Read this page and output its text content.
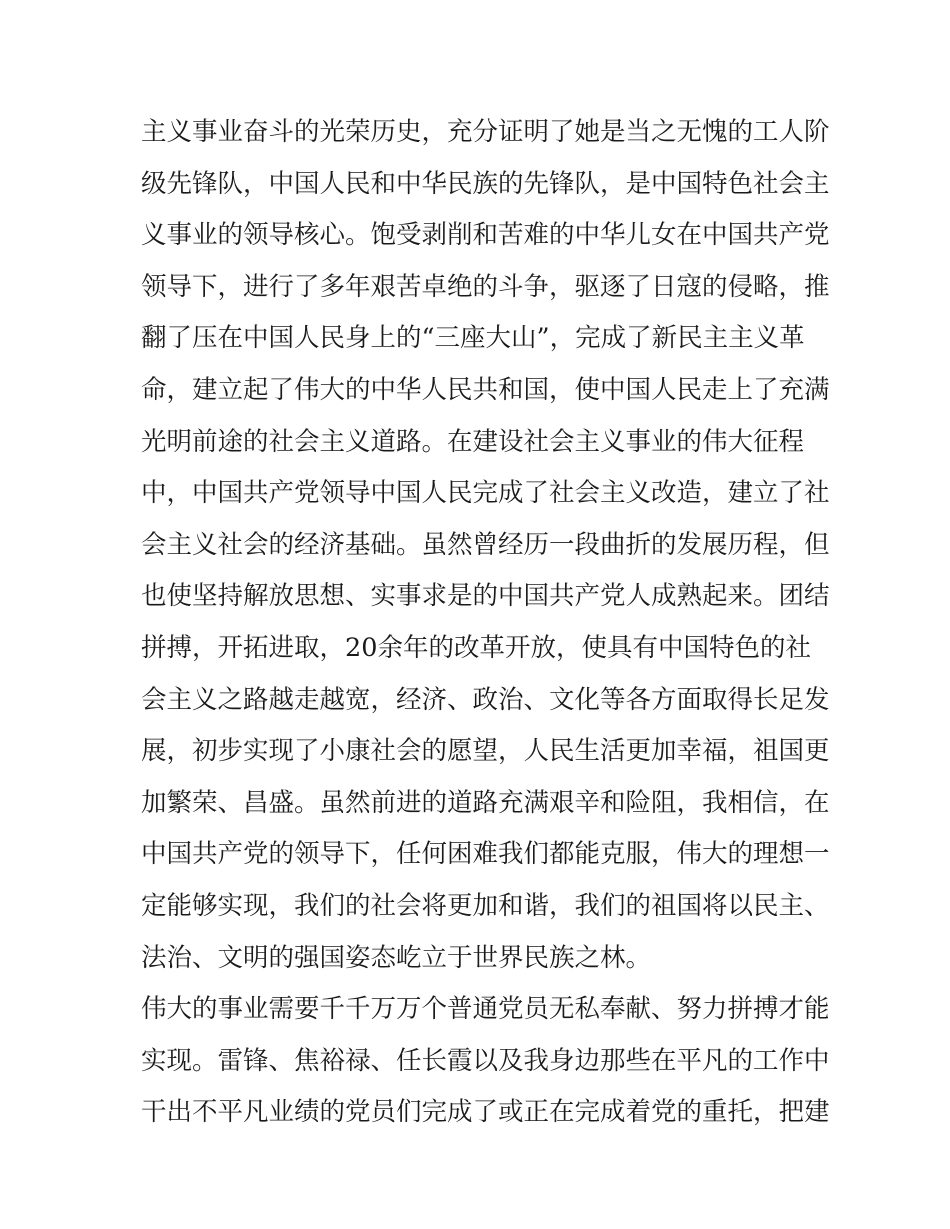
主义事业奋斗的光荣历史，充分证明了她是当之无愧的工人阶
级先锋队，中国人民和中华民族的先锋队，是中国特色社会主
义事业的领导核心。饱受剥削和苦难的中华儿女在中国共产党
领导下，进行了多年艰苦卓绝的斗争，驱逐了日寇的侵略，推
翻了压在中国人民身上的“三座大山”，完成了新民主主义革
命，建立起了伟大的中华人民共和国，使中国人民走上了充满
光明前途的社会主义道路。在建设社会主义事业的伟大征程
中，中国共产党领导中国人民完成了社会主义改造，建立了社
会主义社会的经济基础。虽然曾经历一段曲折的发展历程，但
也使坚持解放思想、实事求是的中国共产党人成熟起来。团结
拼搏，开拓进取，20余年的改革开放，使具有中国特色的社
会主义之路越走越宽，经济、政治、文化等各方面取得长足发
展，初步实现了小康社会的愿望，人民生活更加幸福，祖国更
加繁荣、昌盛。虽然前进的道路充满艰辛和险阻，我相信，在
中国共产党的领导下，任何困难我们都能克服，伟大的理想一
定能够实现，我们的社会将更加和谐，我们的祖国将以民主、
法治、文明的强国姿态屹立于世界民族之林。
伟大的事业需要千千万万个普通党员无私奉献、努力拼搏才能
实现。雷锋、焦裕禄、任长霞以及我身边那些在平凡的工作中
干出不平凡业绩的党员们完成了或正在完成着党的重托，把建
